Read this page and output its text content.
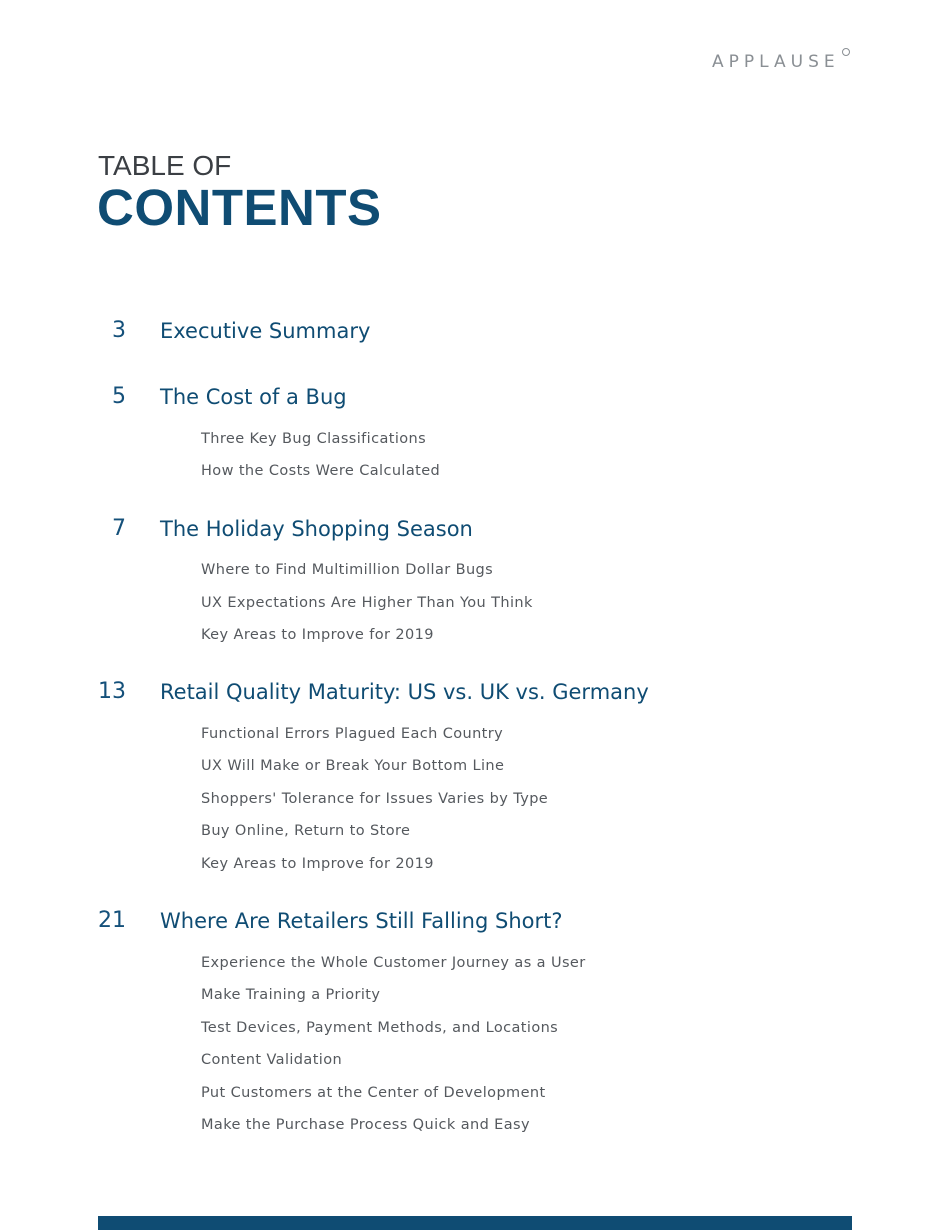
APPLAUSE
TABLE OF
CONTENTS
3 Executive Summary
5 The Cost of a Bug
Three Key Bug Classifications
How the Costs Were Calculated
7 The Holiday Shopping Season
Where to Find Multimillion Dollar Bugs
UX Expectations Are Higher Than You Think
Key Areas to Improve for 2019
13 Retail Quality Maturity: US vs. UK vs. Germany
Functional Errors Plagued Each Country
UX Will Make or Break Your Bottom Line
Shoppers' Tolerance for Issues Varies by Type
Buy Online, Return to Store
Key Areas to Improve for 2019
21 Where Are Retailers Still Falling Short?
Experience the Whole Customer Journey as a User
Make Training a Priority
Test Devices, Payment Methods, and Locations
Content Validation
Put Customers at the Center of Development
Make the Purchase Process Quick and Easy
